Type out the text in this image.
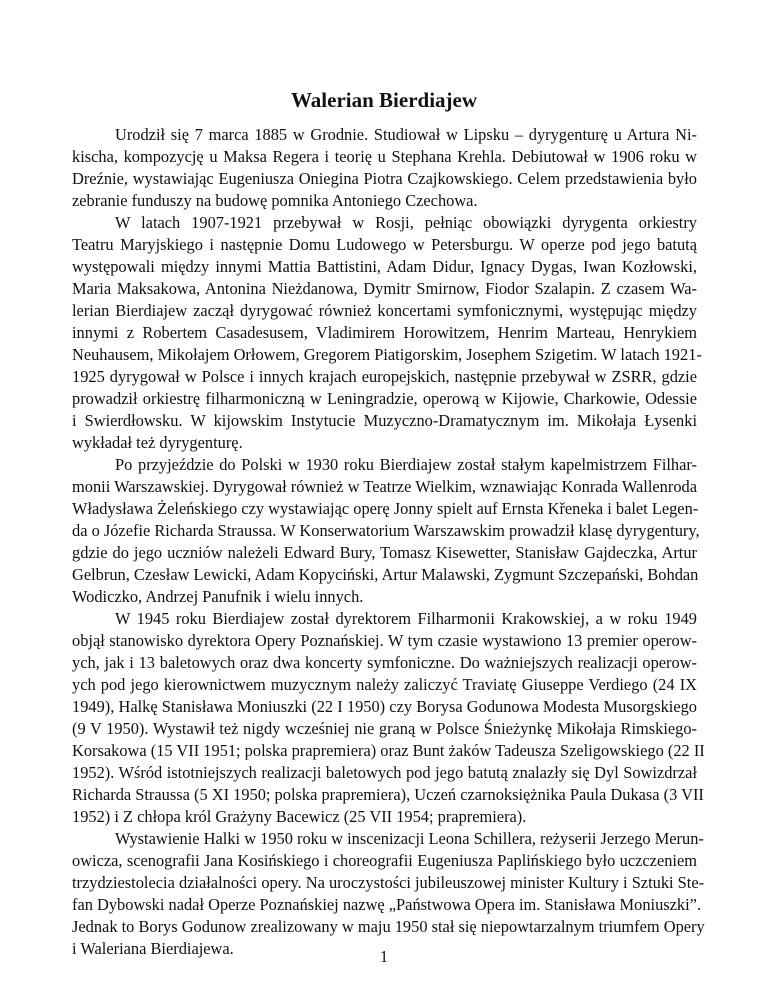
Walerian Bierdiajew
Urodził się 7 marca 1885 w Grodnie. Studiował w Lipsku – dyrygenturę u Artura Ni-
kischa, kompozycję u Maksa Regera i teorię u Stephana Krehla. Debiutował w 1906 roku w
Dreźnie, wystawiając Eugeniusza Oniegina Piotra Czajkowskiego. Celem przedstawienia było
zebranie funduszy na budowę pomnika Antoniego Czechowa.
W latach 1907-1921 przebywał w Rosji, pełniąc obowiązki dyrygenta orkiestry
Teatru Maryjskiego i następnie Domu Ludowego w Petersburgu. W operze pod jego batutą
występowali między innymi Mattia Battistini, Adam Didur, Ignacy Dygas, Iwan Kozłowski,
Maria Maksakowa, Antonina Nieżdanowa, Dymitr Smirnow, Fiodor Szalapin. Z czasem Wa-
lerian Bierdiajew zaczął dyrygować również koncertami symfonicznymi, występując między
innymi z Robertem Casadesusem, Vladimirem Horowitzem, Henrim Marteau, Henrykiem
Neuhausem, Mikołajem Orłowem, Gregorem Piatigorskim, Josephem Szigetim. W latach 1921-
1925 dyrygował w Polsce i innych krajach europejskich, następnie przebywał w ZSRR, gdzie
prowadził orkiestrę filharmoniczną w Leningradzie, operową w Kijowie, Charkowie, Odessie
i Swierdłowsku. W kijowskim Instytucie Muzyczno-Dramatycznym im. Mikołaja Łysenki
wykładał też dyrygenturę.
Po przyjeździe do Polski w 1930 roku Bierdiajew został stałym kapelmistrzem Filhar-
monii Warszawskiej. Dyrygował również w Teatrze Wielkim, wznawiając Konrada Wallenroda
Władysława Żeleńskiego czy wystawiając operę Jonny spielt auf Ernsta Křeneka i balet Legen-
da o Józefie Richarda Straussa. W Konserwatorium Warszawskim prowadził klasę dyrygentury,
gdzie do jego uczniów należeli Edward Bury, Tomasz Kisewetter, Stanisław Gajdeczka, Artur
Gelbrun, Czesław Lewicki, Adam Kopyciński, Artur Malawski, Zygmunt Szczepański, Bohdan
Wodiczko, Andrzej Panufnik i wielu innych.
W 1945 roku Bierdiajew został dyrektorem Filharmonii Krakowskiej, a w roku 1949
objął stanowisko dyrektora Opery Poznańskiej. W tym czasie wystawiono 13 premier operow-
ych, jak i 13 baletowych oraz dwa koncerty symfoniczne. Do ważniejszych realizacji operow-
ych pod jego kierownictwem muzycznym należy zaliczyć Traviatę Giuseppe Verdiego (24 IX
1949), Halkę Stanisława Moniuszki (22 I 1950) czy Borysa Godunowa Modesta Musorgskiego
(9 V 1950). Wystawił też nigdy wcześniej nie graną w Polsce Śnieżynkę Mikołaja Rimskiego-
Korsakowa (15 VII 1951; polska prapremiera) oraz Bunt żaków Tadeusza Szeligowskiego (22 II
1952). Wśród istotniejszych realizacji baletowych pod jego batutą znalazły się Dyl Sowizdrzał
Richarda Straussa (5 XI 1950; polska prapremiera), Uczeń czarnoksiężnika Paula Dukasa (3 VII
1952) i Z chłopa król Grażyny Bacewicz (25 VII 1954; prapremiera).
Wystawienie Halki w 1950 roku w inscenizacji Leona Schillera, reżyserii Jerzego Merun-
owicza, scenografii Jana Kosińskiego i choreografii Eugeniusza Paplińskiego było uczczeniem
trzydziestolecia działalności opery. Na uroczystości jubileuszowej minister Kultury i Sztuki Ste-
fan Dybowski nadał Operze Poznańskiej nazwę „Państwowa Opera im. Stanisława Moniuszki”.
Jednak to Borys Godunow zrealizowany w maju 1950 stał się niepowtarzalnym triumfem Opery
i Waleriana Bierdiajewa.	1
